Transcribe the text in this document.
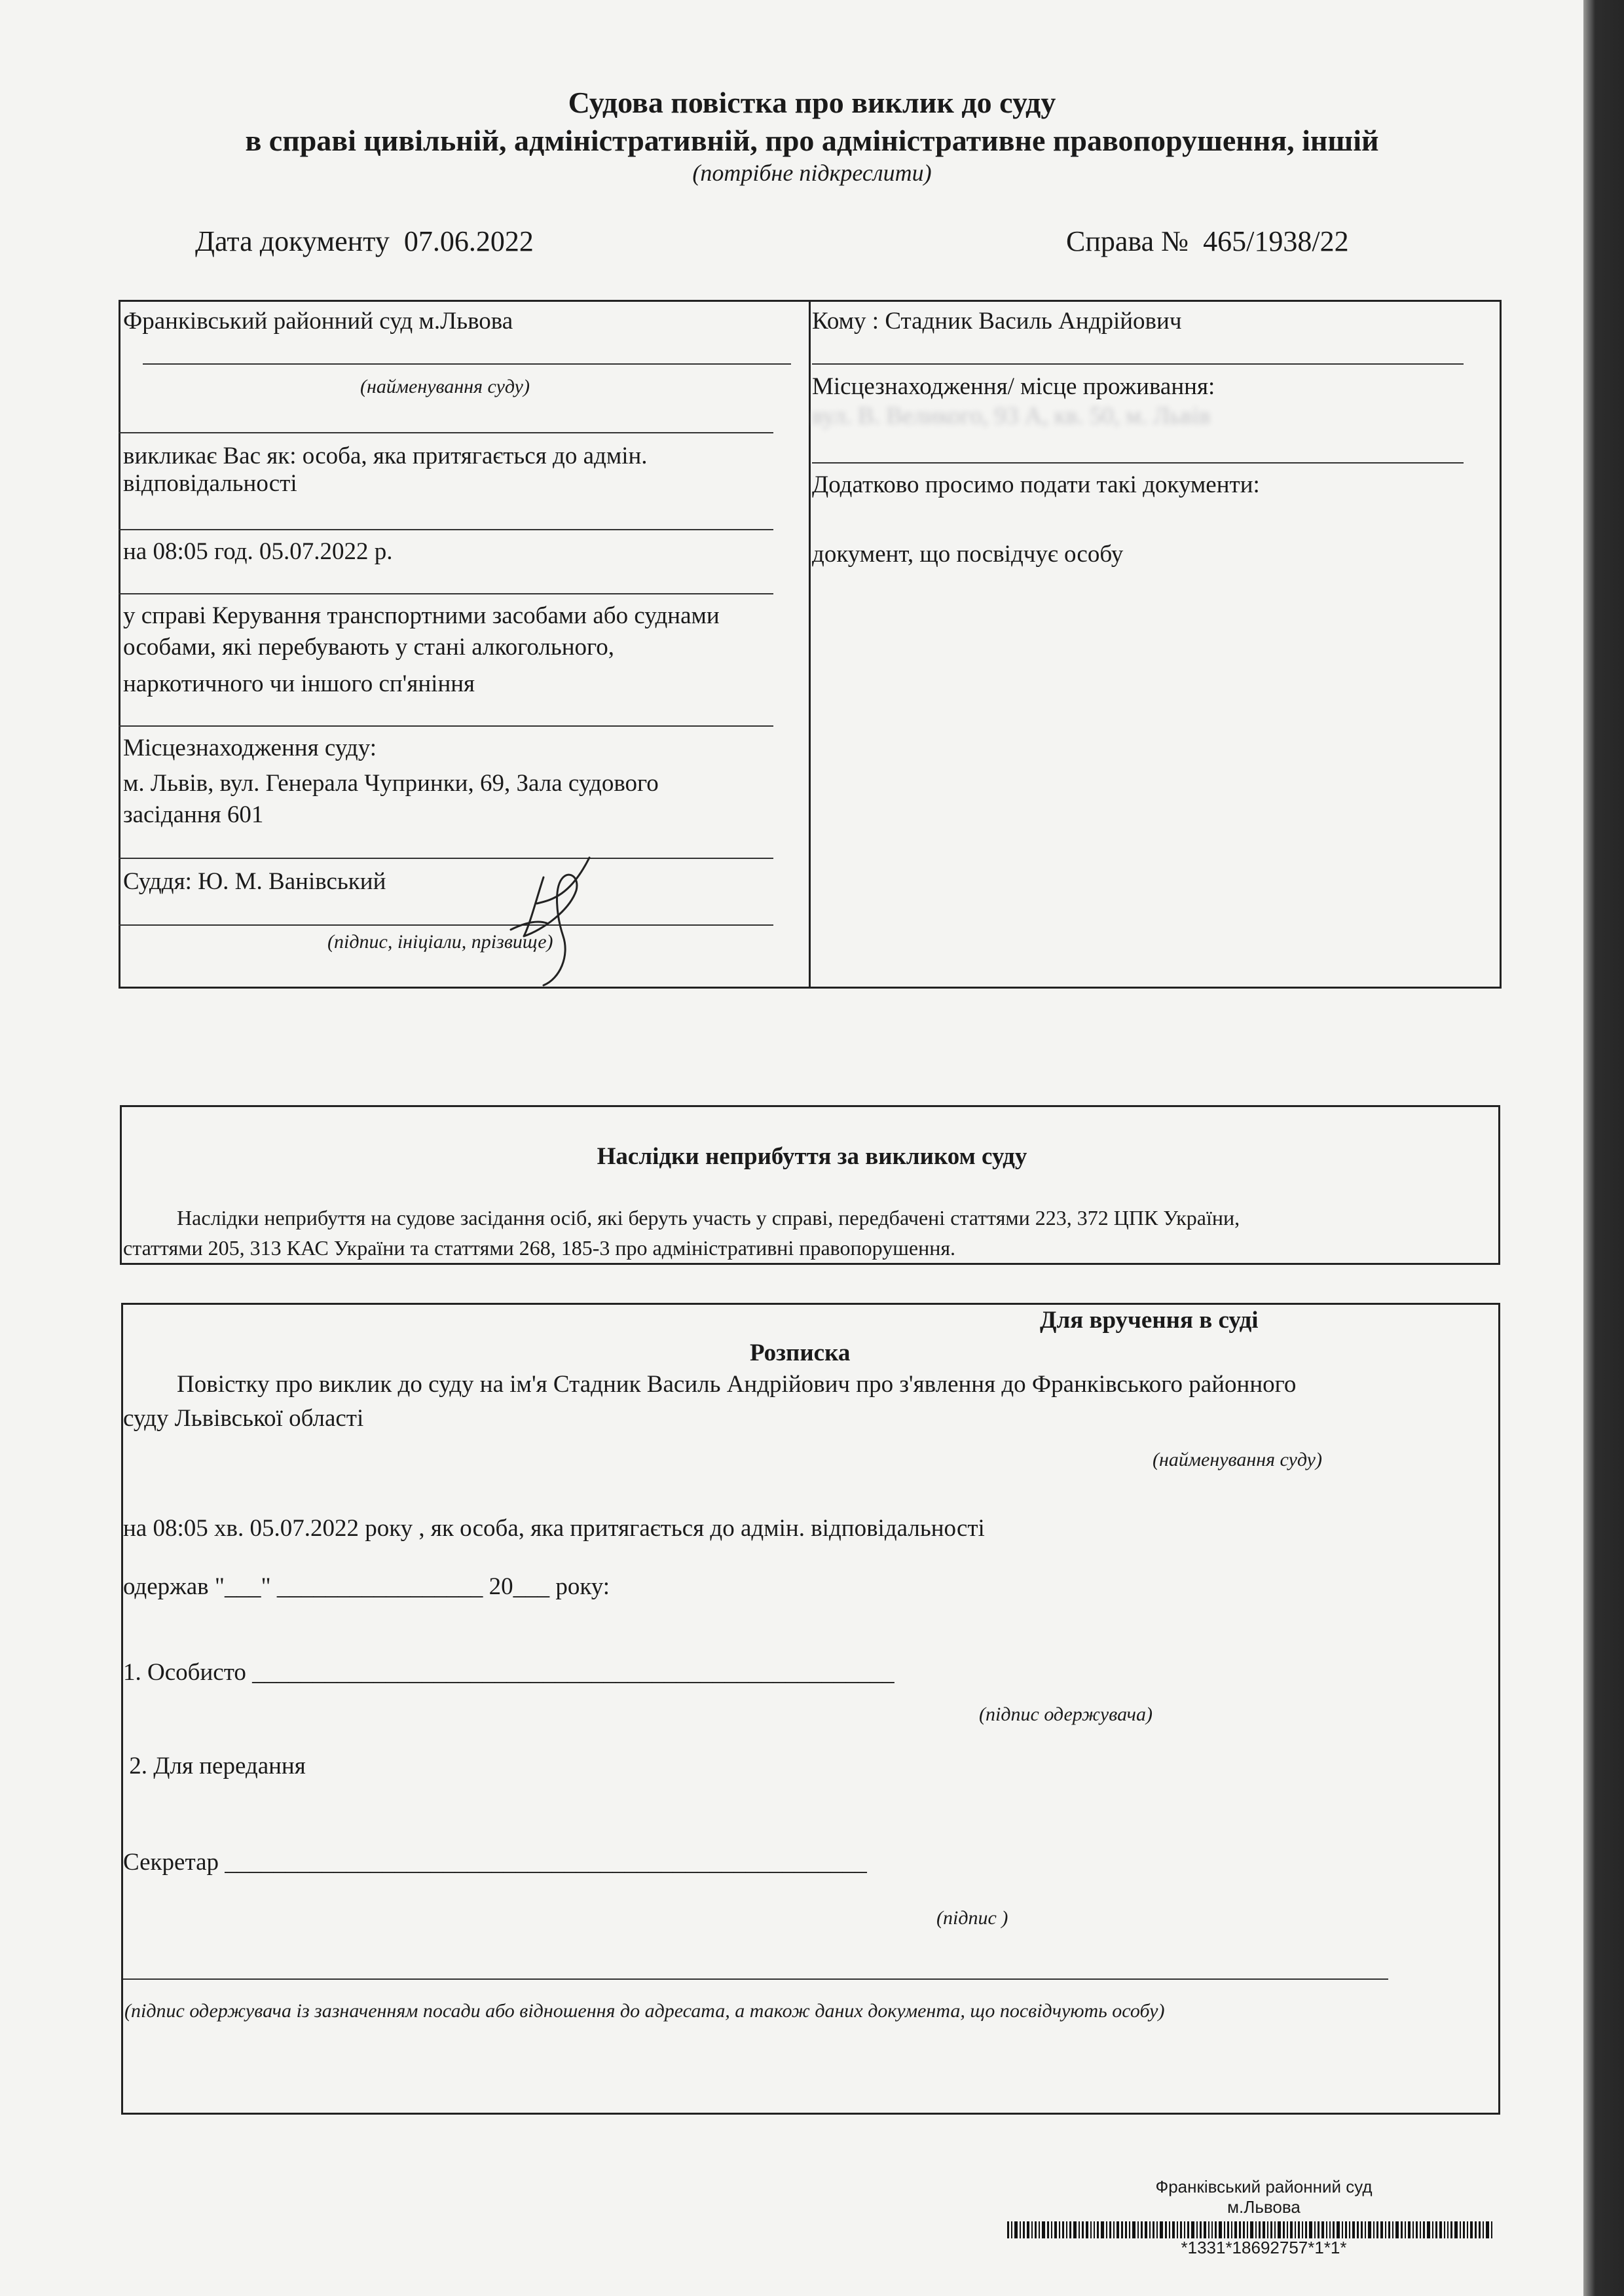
Судова повістка про виклик до суду
в справі цивільній, адміністративній, про адміністративне правопорушення, іншій
(потрібне підкреслити)
Дата документу 07.06.2022	Справа № 465/1938/22
Франківський районний суд м.Львова
(найменування суду)
викликає Вас як: особа, яка притягається до адмін.
відповідальності
на 08:05 год. 05.07.2022 р.
у справі Керування транспортними засобами або суднами
особами, які перебувають у стані алкогольного,
наркотичного чи іншого сп'яніння
Місцезнаходження суду:
м. Львів, вул. Генерала Чупринки, 69, Зала судового
засідання 601
Суддя: Ю. М. Ванівський
(підпис, ініціали, прізвище)
Кому : Стадник Василь Андрійович
Місцезнаходження/ місце проживання:
вул. В. Великого, 93 А, кв. 50, м. Львів
Додатково просимо подати такі документи:
документ, що посвідчує особу
Наслідки неприбуття за викликом суду
Наслідки неприбуття на судове засідання осіб, які беруть участь у справі, передбачені статтями 223, 372 ЦПК України,
статтями 205, 313 КАС України та статтями 268, 185-3 про адміністративні правопорушення.
Для вручення в суді
Розписка
Повістку про виклик до суду на ім'я Стадник Василь Андрійович про з'явлення до Франківського районного
суду Львівської області
(найменування суду)
на 08:05 хв. 05.07.2022 року , як особа, яка притягається до адмін. відповідальності
одержав "___" _________________ 20___ року:
1. Особисто _____________________________________________________
(підпис одержувача)
2. Для передання
Секретар _____________________________________________________
(підпис )
(підпис одержувача із зазначенням посади або відношення до адресата, а також даних документа, що посвідчують особу)
Франківський районний суд
м.Львова
*1331*18692757*1*1*
